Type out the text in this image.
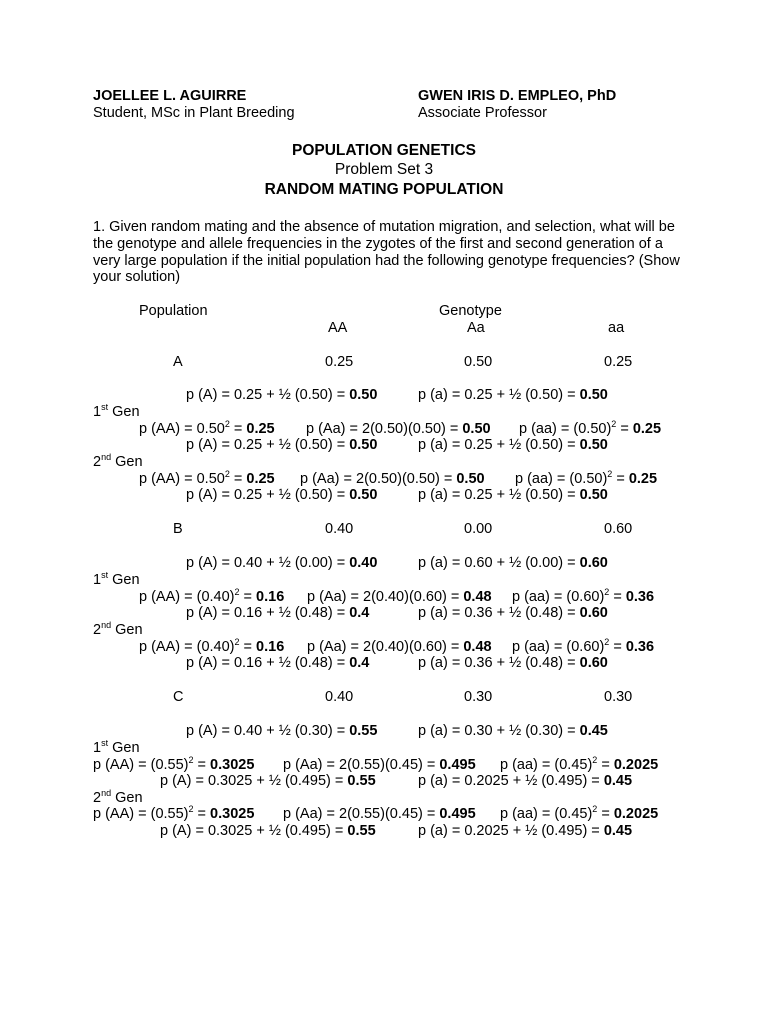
JOELLEE L. AGUIRRE
Student, MSc in Plant Breeding
GWEN IRIS D. EMPLEO, PhD
Associate Professor
POPULATION GENETICS
Problem Set 3
RANDOM MATING POPULATION
1. Given random mating and the absence of mutation migration, and selection, what will be the genotype and allele frequencies in the zygotes of the first and second generation of a very large population if the initial population had the following genotype frequencies? (Show your solution)
Population	Genotype
AA	Aa	aa
A	0.25	0.50	0.25
p (A) = 0.25 + ½ (0.50) = 0.50	p (a) = 0.25 + ½ (0.50) = 0.50
1st Gen
p $(AA) = 0.50^2 = 0.25$ p (Aa) = 2(0.50)(0.50) = 0.50 p $(aa) = (0.50)^2 = 0.25$
p (A) = 0.25 + ½ (0.50) = 0.50	p (a) = 0.25 + ½ (0.50) = 0.50
2nd Gen
p $(AA) = 0.50^2 = 0.25$ p (Aa) = 2(0.50)(0.50) = 0.50 p $(aa) = (0.50)^2 = 0.25$
p (A) = 0.25 + ½ (0.50) = 0.50	p (a) = 0.25 + ½ (0.50) = 0.50
B	0.40	0.00	0.60
p (A) = 0.40 + ½ (0.00) = 0.40	p (a) = 0.60 + ½ (0.00) = 0.60
1st Gen
p $(AA) = (0.40)^2 = 0.16$ p (Aa) = 2(0.40)(0.60) = 0.48 p $(aa) = (0.60)^2 = 0.36$
p (A) = 0.16 + ½ (0.48) = 0.4	p (a) = 0.36 + ½ (0.48) = 0.60
2nd Gen
p $(AA) = (0.40)^2 = 0.16$ p (Aa) = 2(0.40)(0.60) = 0.48 p $(aa) = (0.60)^2 = 0.36$
p (A) = 0.16 + ½ (0.48) = 0.4	p (a) = 0.36 + ½ (0.48) = 0.60
C	0.40	0.30	0.30
p (A) = 0.40 + ½ (0.30) = 0.55	p (a) = 0.30 + ½ (0.30) = 0.45
1st Gen
p $(AA) = (0.55)^2 = 0.3025$ p (Aa) = 2(0.55)(0.45) = 0.495 p $(aa) = (0.45)^2 = 0.2025$
p (A) = 0.3025 + ½ (0.495) = 0.55	p (a) = 0.2025 + ½ (0.495) = 0.45
2nd Gen
p $(AA) = (0.55)^2 = 0.3025$ p (Aa) = 2(0.55)(0.45) = 0.495 p $(aa) = (0.45)^2 = 0.2025$
p (A) = 0.3025 + ½ (0.495) = 0.55	p (a) = 0.2025 + ½ (0.495) = 0.45
